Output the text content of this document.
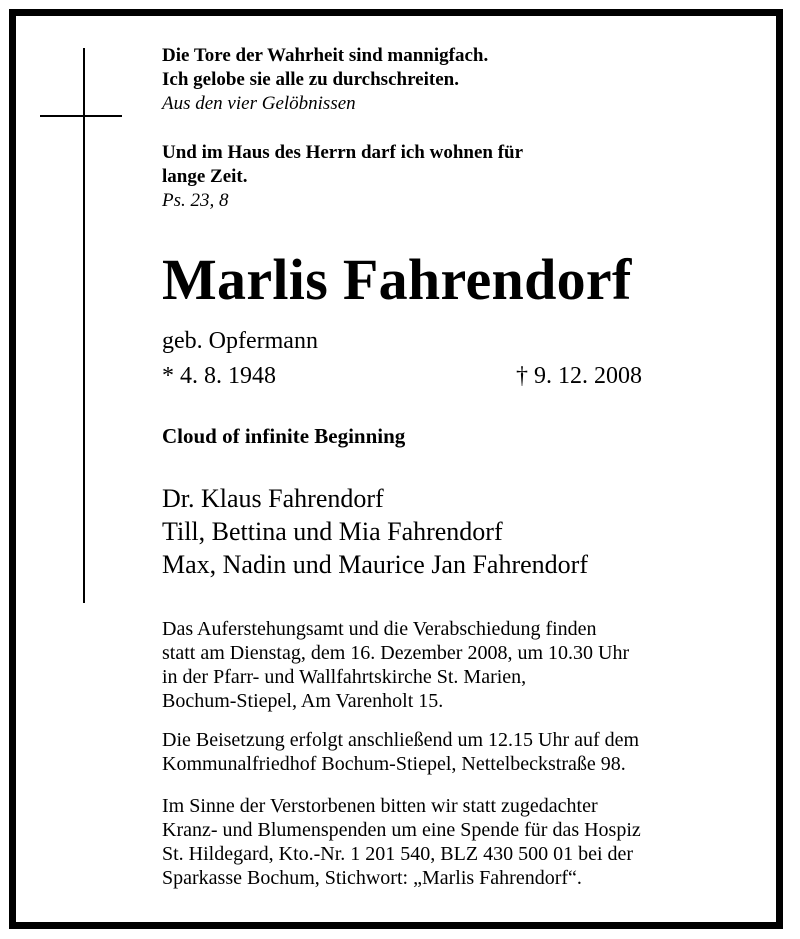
Die Tore der Wahrheit sind mannigfach.
Ich gelobe sie alle zu durchschreiten.
Aus den vier Gelöbnissen
Und im Haus des Herrn darf ich wohnen für
lange Zeit.
Ps. 23, 8
Marlis Fahrendorf
geb. Opfermann
* 4. 8. 1948	† 9. 12. 2008
Cloud of infinite Beginning
Dr. Klaus Fahrendorf
Till, Bettina und Mia Fahrendorf
Max, Nadin und Maurice Jan Fahrendorf
Das Auferstehungsamt und die Verabschiedung finden
statt am Dienstag, dem 16. Dezember 2008, um 10.30 Uhr
in der Pfarr- und Wallfahrtskirche St. Marien,
Bochum-Stiepel, Am Varenholt 15.
Die Beisetzung erfolgt anschließend um 12.15 Uhr auf dem
Kommunalfriedhof Bochum-Stiepel, Nettelbeckstraße 98.
Im Sinne der Verstorbenen bitten wir statt zugedachter
Kranz- und Blumenspenden um eine Spende für das Hospiz
St. Hildegard, Kto.-Nr. 1 201 540, BLZ 430 500 01 bei der
Sparkasse Bochum, Stichwort: „Marlis Fahrendorf“.
